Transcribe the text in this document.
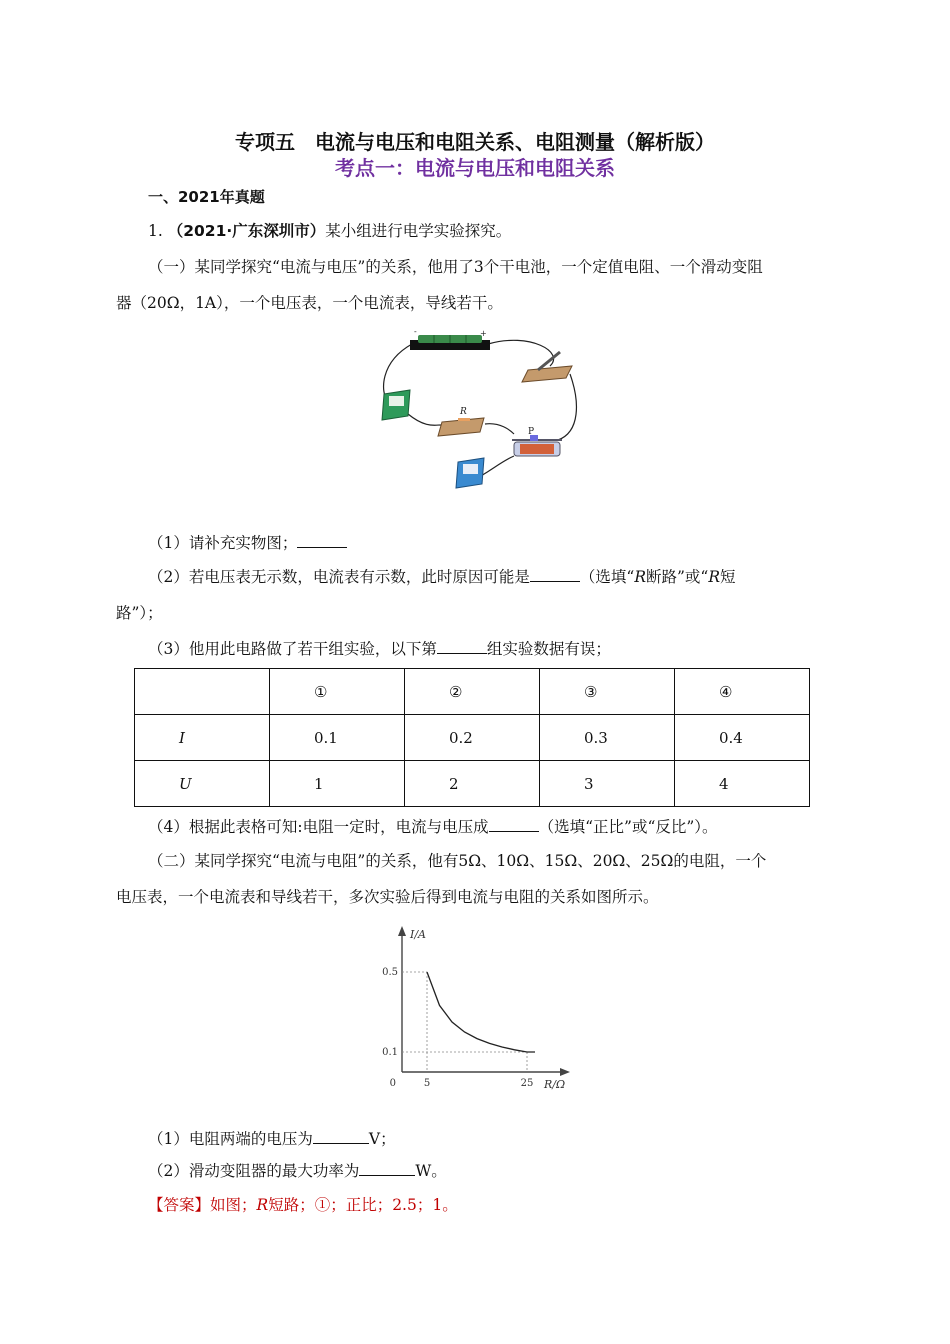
专项五　电流与电压和电阻关系、电阻测量（解析版）
考点一：电流与电压和电阻关系
一、2021年真题
1. （2021·广东深圳市）某小组进行电学实验探究。
（一）某同学探究“电流与电压”的关系，他用了3个干电池，一个定值电阻、一个滑动变阻
器（20Ω，1A），一个电压表，一个电流表，导线若干。
-	+
R
P
（1）请补充实物图；
（2）若电压表无示数，电流表有示数，此时原因可能是	（选填“R断路”或“R短
路”）；
（3）他用此电路做了若干组实验，以下第	组实验数据有误；
	①	②	③	④
I	0.1	0.2	0.3	0.4
U	1	2	3	4
（4）根据此表格可知:电阻一定时，电流与电压成	（选填“正比”或“反比”）。
（二）某同学探究“电流与电阻”的关系，他有5Ω、10Ω、15Ω、20Ω、25Ω的电阻，一个
电压表，一个电流表和导线若干，多次实验后得到电流与电阻的关系如图所示。
I/A
R/Ω
0	5	25
0.5
0.1
（1）电阻两端的电压为	V；
（2）滑动变阻器的最大功率为	W。
【答案】如图；R短路；①；正比；2.5；1。
